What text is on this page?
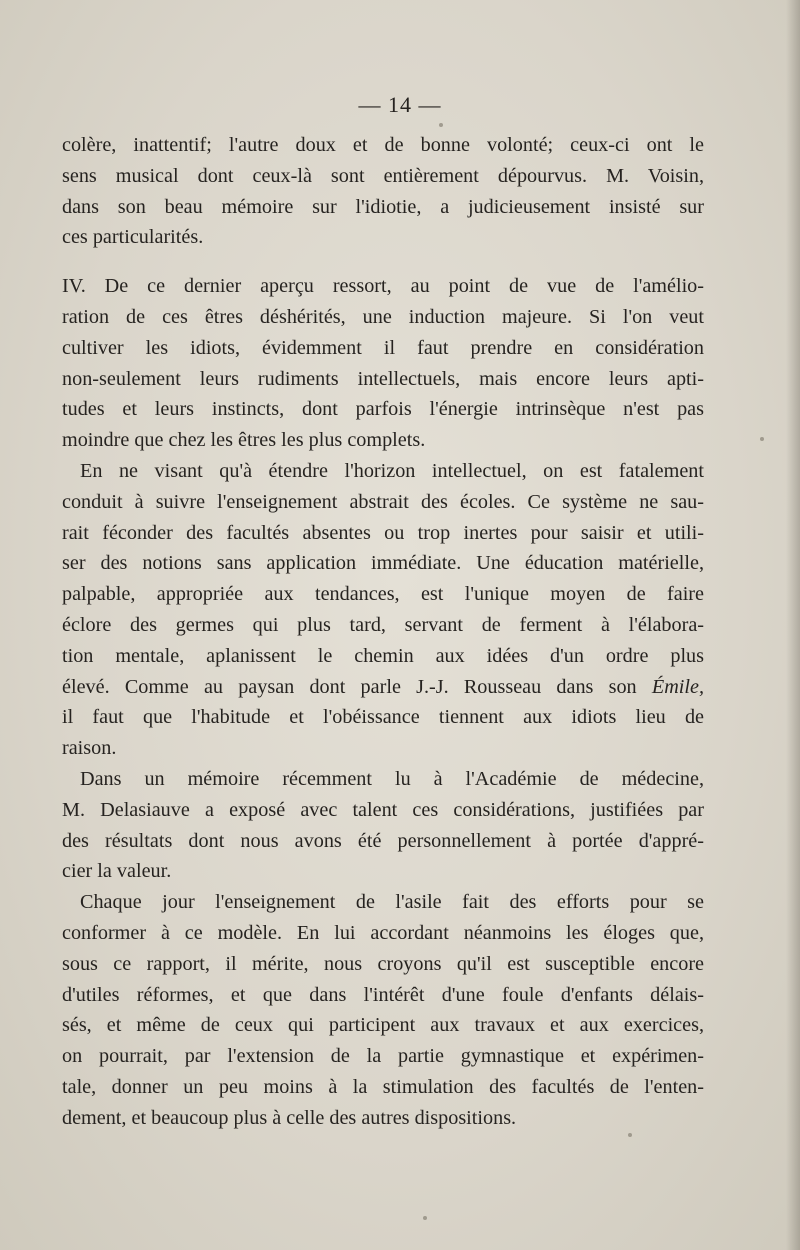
— 14 —
colère, inattentif; l'autre doux et de bonne volonté; ceux-ci ont le
sens musical dont ceux-là sont entièrement dépourvus. M. Voisin,
dans son beau mémoire sur l'idiotie, a judicieusement insisté sur
ces particularités.
IV. De ce dernier aperçu ressort, au point de vue de l'amélio-
ration de ces êtres déshérités, une induction majeure. Si l'on veut
cultiver les idiots, évidemment il faut prendre en considération
non-seulement leurs rudiments intellectuels, mais encore leurs apti-
tudes et leurs instincts, dont parfois l'énergie intrinsèque n'est pas
moindre que chez les êtres les plus complets.
En ne visant qu'à étendre l'horizon intellectuel, on est fatalement
conduit à suivre l'enseignement abstrait des écoles. Ce système ne sau-
rait féconder des facultés absentes ou trop inertes pour saisir et utili-
ser des notions sans application immédiate. Une éducation matérielle,
palpable, appropriée aux tendances, est l'unique moyen de faire
éclore des germes qui plus tard, servant de ferment à l'élabora-
tion mentale, aplanissent le chemin aux idées d'un ordre plus
élevé. Comme au paysan dont parle J.-J. Rousseau dans son Émile,
il faut que l'habitude et l'obéissance tiennent aux idiots lieu de
raison.
Dans un mémoire récemment lu à l'Académie de médecine,
M. Delasiauve a exposé avec talent ces considérations, justifiées par
des résultats dont nous avons été personnellement à portée d'appré-
cier la valeur.
Chaque jour l'enseignement de l'asile fait des efforts pour se
conformer à ce modèle. En lui accordant néanmoins les éloges que,
sous ce rapport, il mérite, nous croyons qu'il est susceptible encore
d'utiles réformes, et que dans l'intérêt d'une foule d'enfants délais-
sés, et même de ceux qui participent aux travaux et aux exercices,
on pourrait, par l'extension de la partie gymnastique et expérimen-
tale, donner un peu moins à la stimulation des facultés de l'enten-
dement, et beaucoup plus à celle des autres dispositions.
